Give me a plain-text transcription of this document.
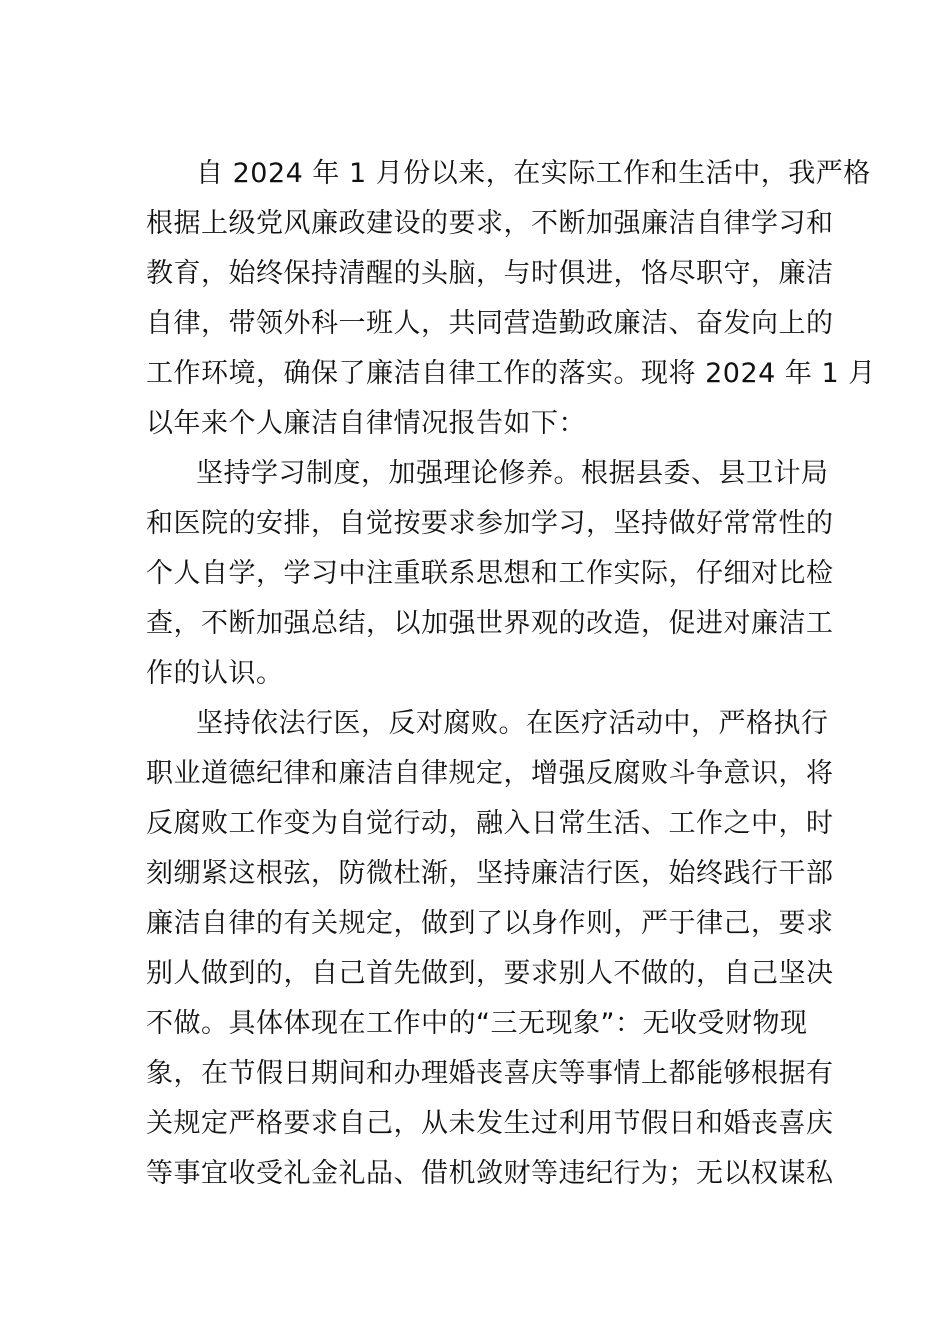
自 2024 年 1 月份以来，在实际工作和生活中，我严格
根据上级党风廉政建设的要求，不断加强廉洁自律学习和
教育，始终保持清醒的头脑，与时俱进，恪尽职守，廉洁
自律，带领外科一班人，共同营造勤政廉洁、奋发向上的
工作环境，确保了廉洁自律工作的落实。现将 2024 年 1 月
以年来个人廉洁自律情况报告如下：
坚持学习制度，加强理论修养。根据县委、县卫计局
和医院的安排，自觉按要求参加学习，坚持做好常常性的
个人自学，学习中注重联系思想和工作实际，仔细对比检
查，不断加强总结，以加强世界观的改造，促进对廉洁工
作的认识。
坚持依法行医，反对腐败。在医疗活动中，严格执行
职业道德纪律和廉洁自律规定，增强反腐败斗争意识，将
反腐败工作变为自觉行动，融入日常生活、工作之中，时
刻绷紧这根弦，防微杜渐，坚持廉洁行医，始终践行干部
廉洁自律的有关规定，做到了以身作则，严于律己，要求
别人做到的，自己首先做到，要求别人不做的，自己坚决
不做。具体体现在工作中的“三无现象”：无收受财物现
象，在节假日期间和办理婚丧喜庆等事情上都能够根据有
关规定严格要求自己，从未发生过利用节假日和婚丧喜庆
等事宜收受礼金礼品、借机敛财等违纪行为；无以权谋私
